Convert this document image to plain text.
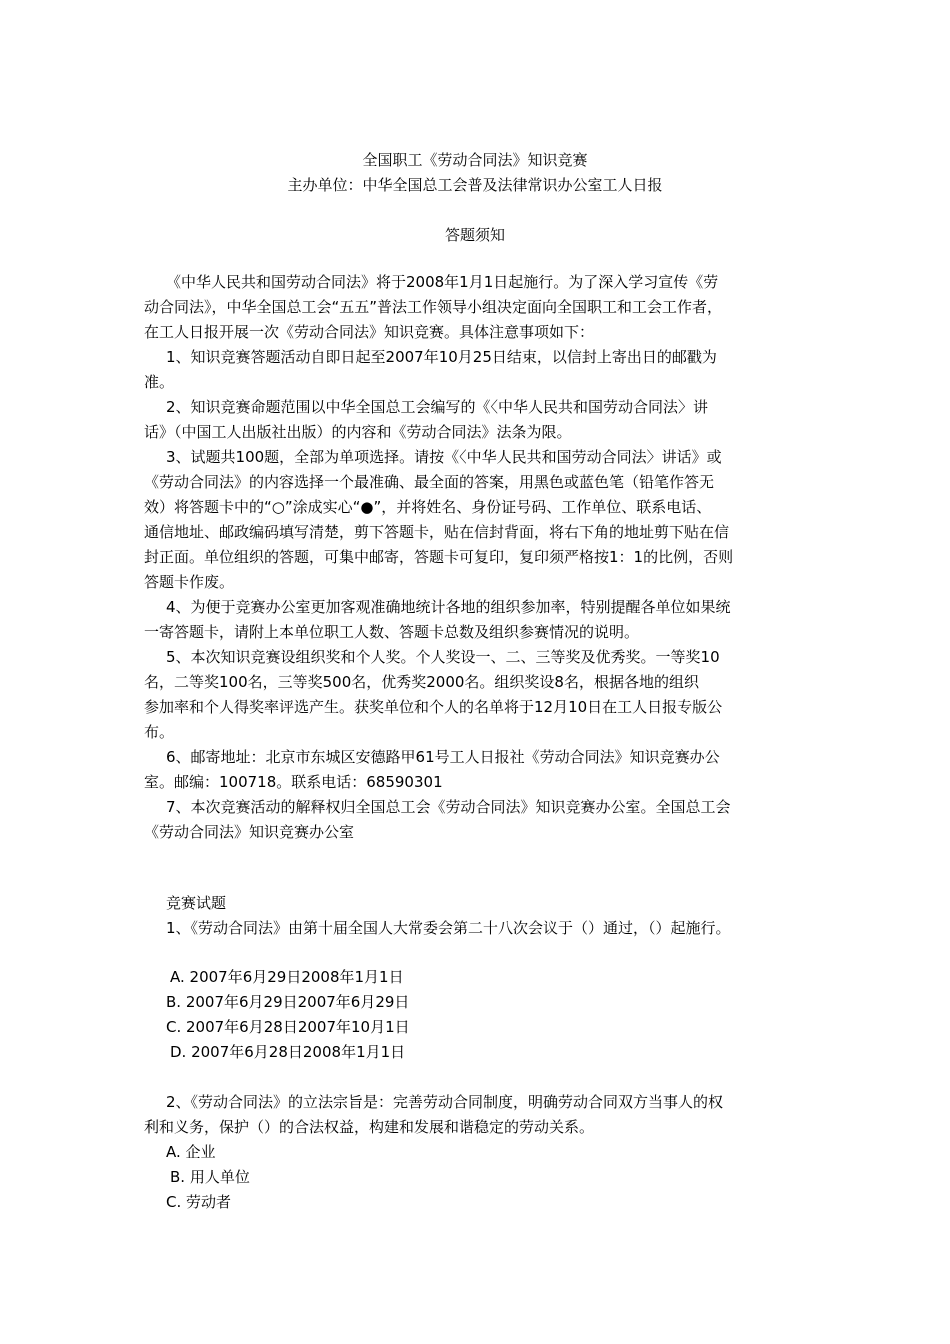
全国职工《劳动合同法》知识竞赛
主办单位：中华全国总工会普及法律常识办公室工人日报
答题须知
《中华人民共和国劳动合同法》将于2008年1月1日起施行。为了深入学习宣传《劳
动合同法》，中华全国总工会“五五”普法工作领导小组决定面向全国职工和工会工作者，
在工人日报开展一次《劳动合同法》知识竞赛。具体注意事项如下：
1、知识竞赛答题活动自即日起至2007年10月25日结束，以信封上寄出日的邮戳为
准。
2、知识竞赛命题范围以中华全国总工会编写的《〈中华人民共和国劳动合同法〉讲
话》（中国工人出版社出版）的内容和《劳动合同法》法条为限。
3、试题共100题，全部为单项选择。请按《〈中华人民共和国劳动合同法〉讲话》或
《劳动合同法》的内容选择一个最准确、最全面的答案，用黑色或蓝色笔（铅笔作答无
效）将答题卡中的“○”涂成实心“●”，并将姓名、身份证号码、工作单位、联系电话、
通信地址、邮政编码填写清楚，剪下答题卡，贴在信封背面，将右下角的地址剪下贴在信
封正面。单位组织的答题，可集中邮寄，答题卡可复印，复印须严格按1：1的比例，否则
答题卡作废。
4、为便于竞赛办公室更加客观准确地统计各地的组织参加率，特别提醒各单位如果统
一寄答题卡，请附上本单位职工人数、答题卡总数及组织参赛情况的说明。
5、本次知识竞赛设组织奖和个人奖。个人奖设一、二、三等奖及优秀奖。一等奖10
名，二等奖100名，三等奖500名，优秀奖2000名。组织奖设8名，根据各地的组织
参加率和个人得奖率评选产生。获奖单位和个人的名单将于12月10日在工人日报专版公
布。
6、邮寄地址：北京市东城区安德路甲61号工人日报社《劳动合同法》知识竞赛办公
室。邮编：100718。联系电话：68590301
7、本次竞赛活动的解释权归全国总工会《劳动合同法》知识竞赛办公室。全国总工会
《劳动合同法》知识竞赛办公室
竞赛试题
1、《劳动合同法》由第十届全国人大常委会第二十八次会议于（）通过，（）起施行。
A. 2007年6月29日2008年1月1日
B. 2007年6月29日2007年6月29日
C. 2007年6月28日2007年10月1日
D. 2007年6月28日2008年1月1日
2、《劳动合同法》的立法宗旨是：完善劳动合同制度，明确劳动合同双方当事人的权
利和义务，保护（）的合法权益，构建和发展和谐稳定的劳动关系。
A. 企业
B. 用人单位
C. 劳动者
